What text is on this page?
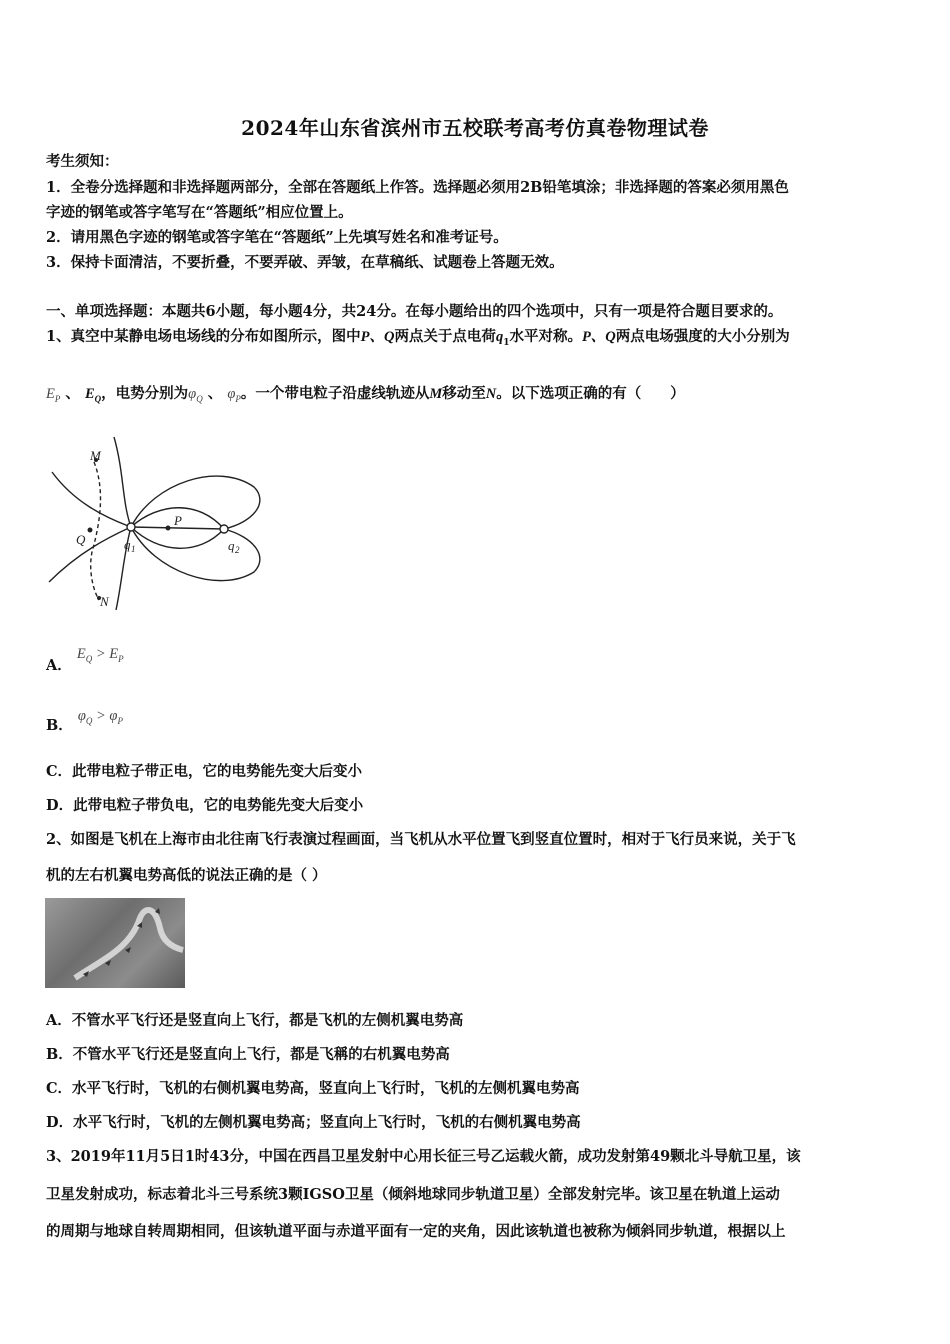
2024年山东省滨州市五校联考高考仿真卷物理试卷
考生须知：
1．全卷分选择题和非选择题两部分，全部在答题纸上作答。选择题必须用2B铅笔填涂；非选择题的答案必须用黑色
字迹的钢笔或答字笔写在“答题纸”相应位置上。
2．请用黑色字迹的钢笔或答字笔在“答题纸”上先填写姓名和准考证号。
3．保持卡面清洁，不要折叠，不要弄破、弄皱，在草稿纸、试题卷上答题无效。
一、单项选择题：本题共6小题，每小题4分，共24分。在每小题给出的四个选项中，只有一项是符合题目要求的。
1、真空中某静电场电场线的分布如图所示，图中P、Q两点关于点电荷$q_1$水平对称。P、Q两点电场强度的大小分别为
$E_P$ 、 $E_Q$，电势分别为$\varphi_Q$ 、 $\varphi_P$。一个带电粒子沿虚线轨迹从M移动至N。以下选项正确的有（　　）
M
Q
P
q 1	q 2
N
A． $E_Q > E_P$
B． $\varphi_Q > \varphi_P$
C．此带电粒子带正电，它的电势能先变大后变小
D．此带电粒子带负电，它的电势能先变大后变小
2、如图是飞机在上海市由北往南飞行表演过程画面，当飞机从水平位置飞到竖直位置时，相对于飞行员来说，关于飞
机的左右机翼电势高低的说法正确的是（ ）
A．不管水平飞行还是竖直向上飞行，都是飞机的左侧机翼电势高
B．不管水平飞行还是竖直向上飞行，都是飞稱的右机翼电势高
C．水平飞行时，飞机的右侧机翼电势高，竖直向上飞行时，飞机的左侧机翼电势高
D．水平飞行时，飞机的左侧机翼电势高；竖直向上飞行时，飞机的右侧机翼电势高
3、2019年11月5日1时43分，中国在西昌卫星发射中心用长征三号乙运载火箭，成功发射第49颗北斗导航卫星，该
卫星发射成功，标志着北斗三号系统3颗IGSO卫星（倾斜地球同步轨道卫星）全部发射完毕。该卫星在轨道上运动
的周期与地球自转周期相同，但该轨道平面与赤道平面有一定的夹角，因此该轨道也被称为倾斜同步轨道，根据以上
